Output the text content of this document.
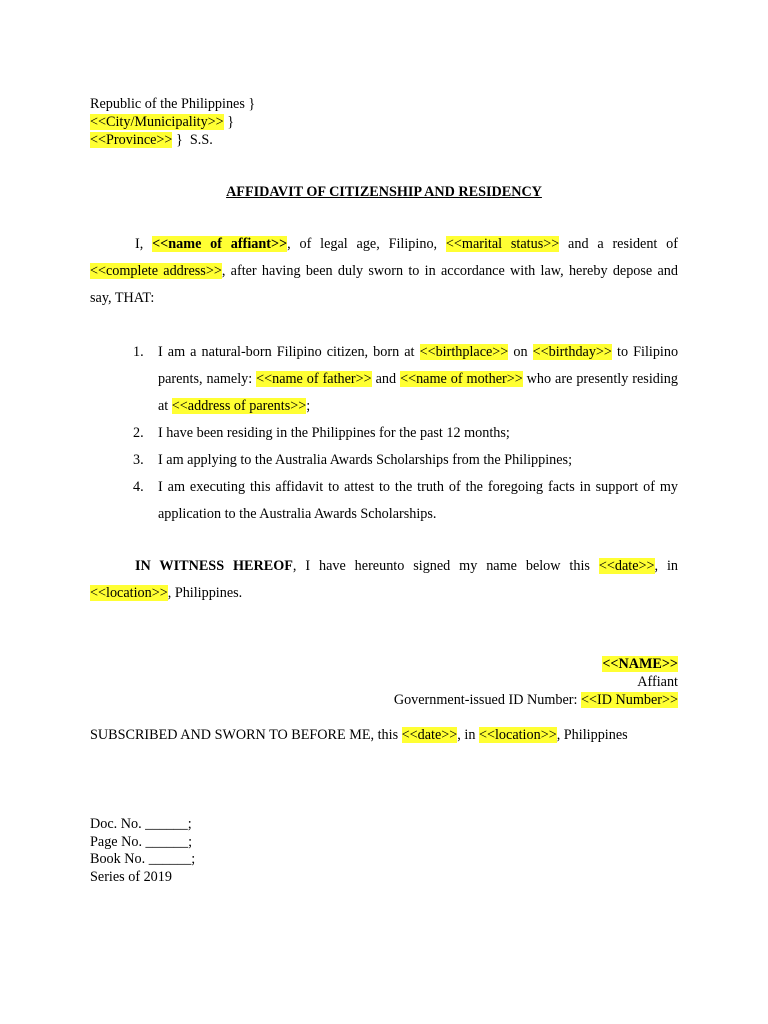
Republic of the Philippines }
<<City/Municipality>> }
<<Province>> } S.S.
AFFIDAVIT OF CITIZENSHIP AND RESIDENCY
I, <<name of affiant>>, of legal age, Filipino, <<marital status>> and a resident of <<complete address>>, after having been duly sworn to in accordance with law, hereby depose and say, THAT:
1. I am a natural-born Filipino citizen, born at <<birthplace>> on <<birthday>> to Filipino parents, namely: <<name of father>> and <<name of mother>> who are presently residing at <<address of parents>>;
2. I have been residing in the Philippines for the past 12 months;
3. I am applying to the Australia Awards Scholarships from the Philippines;
4. I am executing this affidavit to attest to the truth of the foregoing facts in support of my application to the Australia Awards Scholarships.
IN WITNESS HEREOF, I have hereunto signed my name below this <<date>>, in <<location>>, Philippines.
<<NAME>>
Affiant
Government-issued ID Number: <<ID Number>>
SUBSCRIBED AND SWORN TO BEFORE ME, this <<date>>, in <<location>>, Philippines
Doc. No. ______;
Page No. ______;
Book No. ______;
Series of 2019
